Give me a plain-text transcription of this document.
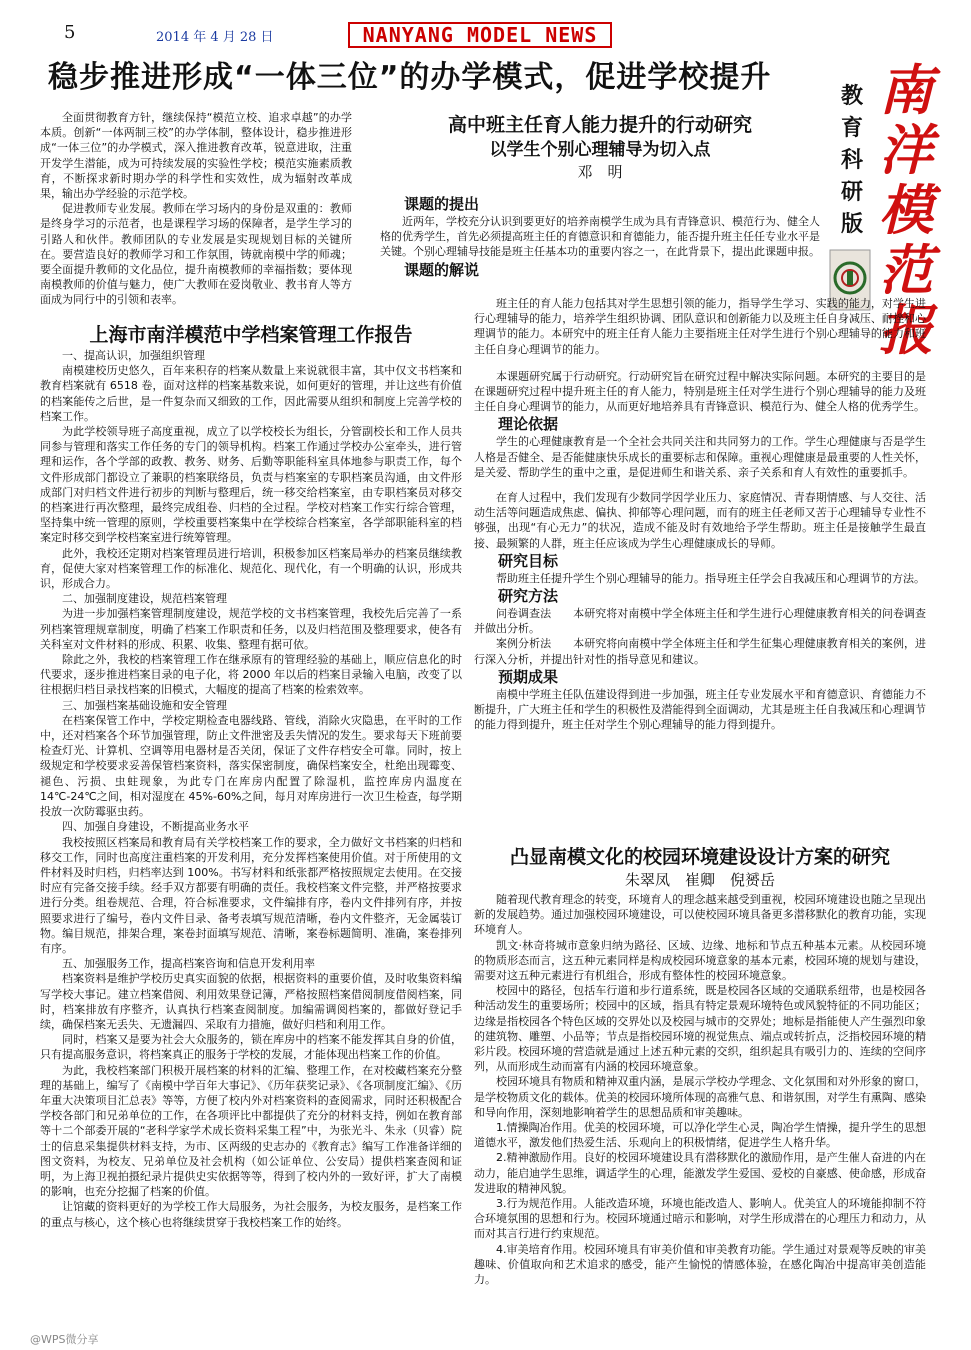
5	2014 年 4 月 28 日	NANYANG MODEL NEWS
稳步推进形成“一体三位”的办学模式，促进学校提升
教育科研版
南洋模范报

全面贯彻教育方针，继续保持“模范立校、追求卓越”的办学本质。创新“一体两制三校”的办学体制，整体设计，稳步推进形成“一体三位”的办学模式，深入推进教育改革，锐意进取，注重开发学生潜能，成为可持续发展的实验性学校；模范实施素质教育，不断探求新时期办学的科学性和实效性，成为辐射改革成果，输出办学经验的示范学校。

促进教师专业发展。教师在学习场内的身份是双重的：教师是终身学习的示范者，也是课程学习场的保障者，是学生学习的引路人和伙伴。教师团队的专业发展是实现规划目标的关键所在。要营造良好的教师学习和工作氛围，铸就南模中学的师魂；要全面提升教师的文化品位，提升南模教师的幸福指数；要体现南模教师的价值与魅力，使广大教师在爱岗敬业、教书育人等方面成为同行中的引领和表率。

高中班主任育人能力提升的行动研究
以学生个别心理辅导为切入点
邓　明
课题的提出

近两年，学校充分认识到要更好的培养南模学生成为具有青锋意识、模范行为、健全人格的优秀学生，首先必须提高班主任的育德意识和育德能力，能否提升班主任任专业水平是关键。个别心理辅导技能是班主任基本功的重要内容之一，在此背景下，提出此课题申报。

课题的解说

班主任的育人能力包括其对学生思想引领的能力，指导学生学习、实践的能力，对学生进行心理辅导的能力，培养学生组织协调、团队意识和创新能力以及班主任自身减压、耐挫和心理调节的能力。本研究中的班主任育人能力主要指班主任对学生进行个别心理辅导的能力和班主任自身心理调节的能力。

本课题研究属于行动研究。行动研究旨在研究过程中解决实际问题。本研究的主要目的是在课题研究过程中提升班主任的育人能力，特别是班主任对学生进行个别心理辅导的能力及班主任自身心理调节的能力，从而更好地培养具有青锋意识、模范行为、健全人格的优秀学生。

理论依据

学生的心理健康教育是一个全社会共同关注和共同努力的工作。学生心理健康与否是学生人格是否健全、是否能健康快乐成长的重要标志和保障。重视心理健康是最重要的人性关怀，是关爱、帮助学生的重中之重，是促进师生和谐关系、亲子关系和育人有效性的重要抓手。

在育人过程中，我们发现有少数同学因学业压力、家庭情况、青春期情感、与人交往、活动生活等问题造成焦虑、偏执、抑郁等心理问题，而有的班主任老师又苦于心理辅导专业性不够强，出现“有心无力”的状况，造成不能及时有效地给予学生帮助。班主任是接触学生最直接、最频繁的人群，班主任应该成为学生心理健康成长的导师。

研究目标

帮助班主任提升学生个别心理辅导的能力。指导班主任学会自我减压和心理调节的方法。

研究方法

问卷调查法　　本研究将对南模中学全体班主任和学生进行心理健康教育相关的问卷调查并做出分析。

案例分析法　　本研究将向南模中学全体班主任和学生征集心理健康教育相关的案例，进行深入分析，并提出针对性的指导意见和建议。

预期成果

南模中学班主任队伍建设得到进一步加强，班主任专业发展水平和育德意识、育德能力不断提升，广大班主任和学生的积极性及潜能得到全面调动，尤其是班主任自我减压和心理调节的能力得到提升，班主任对学生个别心理辅导的能力得到提升。

上海市南洋模范中学档案管理工作报告

一、提高认识，加强组织管理

南模建校历史悠久，百年来积存的档案从数量上来说就很丰富，其中仅文书档案和教育档案就有 6518 卷，面对这样的档案基数来说，如何更好的管理，并让这些有价值的档案能传之后世，是一件复杂而又细致的工作，因此需要从组织和制度上完善学校的档案工作。

为此学校领导班子高度重视，成立了以学校校长为组长，分管副校长和工作人员共同参与管理和落实工作任务的专门的领导机构。档案工作通过学校办公室牵头，进行管理和运作，各个学部的政教、教务、财务、后勤等职能科室具体地参与职责工作，每个文件形成部门都设立了兼职的档案联络员，负责与档案室的专职档案员沟通，由文件形成部门对归档文件进行初步的判断与整理后，统一移交给档案室，由专职档案员对移交的档案进行再次整理，最终完成组卷、归档的全过程。学校对档案工作实行综合管理，坚持集中统一管理的原则，学校重要档案集中在学校综合档案室，各学部职能科室的档案定时移交到学校档案室进行统筹管理。

此外，我校还定期对档案管理员进行培训，积极参加区档案局举办的档案员继续教育，促使大家对档案管理工作的标准化、规范化、现代化，有一个明确的认识，形成共识，形成合力。

二、加强制度建设，规范档案管理

为进一步加强档案管理制度建设，规范学校的文书档案管理，我校先后完善了一系列档案管理规章制度，明确了档案工作职责和任务，以及归档范围及整理要求，使各有关科室对文件材料的形成、积累、收集、整理有据可依。

除此之外，我校的档案管理工作在继承原有的管理经验的基础上，顺应信息化的时代要求，逐步推进档案目录的电子化，将 2000 年以后的档案目录输入电脑，改变了以往根据归档目录找档案的旧模式，大幅度的提高了档案的检索效率。

三、加强档案基础设施和安全管理

在档案保管工作中，学校定期检查电器线路、管线，消除火灾隐患，在平时的工作中，还对档案各个环节加强管理，防止文件泄密及丢失情况的发生。要求每天下班前要检查灯光、计算机、空调等用电器材是否关闭，保证了文件存档安全可靠。同时，按上级规定和学校要求妥善保管档案资料，落实保密制度，确保档案安全，杜绝出现霉变、褪色、污损、虫蛀现象，为此专门在库房内配置了除湿机，监控库房内温度在 14℃-24℃之间，相对湿度在 45%-60%之间，每月对库房进行一次卫生检查，每学期投放一次防霉驱虫药。

四、加强自身建设，不断提高业务水平

我校按照区档案局和教育局有关学校档案工作的要求，全力做好文书档案的归档和移交工作，同时也高度注重档案的开发利用，充分发挥档案使用价值。对于所使用的文件材料及时归档，归档率达到 100%。书写材料和纸张都严格按照规定去使用。在交接时应有完备交接手续。经手双方都要有明确的责任。我校档案文件完整，并严格按要求进行分类。组卷规范、合理，符合标准要求，文件编排有序，卷内文件排列有序，并按照要求进行了编号，卷内文件目录、备考表填写规范清晰，卷内文件整齐，无金属装订物。编目规范，排架合理，案卷封面填写规范、清晰，案卷标题简明、准确，案卷排列有序。

五、加强服务工作，提高档案咨询和信息开发利用率

档案资料是维护学校历史真实面貌的依据，根据资料的重要价值，及时收集资料编写学校大事记。建立档案借阅、利用效果登记簿，严格按照档案借阅制度借阅档案，同时，档案排放有序整齐，认真执行档案查阅制度。加编需调阅档案的，都做好登记手续，确保档案无丢失、无遗漏四、采取有力措施，做好归档和利用工作。

同时，档案又是要为社会大众服务的，锁在库房中的档案不能发挥其自身的价值，只有提高服务意识，将档案真正的服务于学校的发展，才能体现出档案工作的价值。

为此，我校档案部门积极开展档案的材料的汇编、整理工作，在对校藏档案充分整理的基础上，编写了《南模中学百年大事记》、《历年获奖记录》、《各项制度汇编》、《历年重大决策项目汇总表》等等，方便了校内外对档案资料的查阅需求，同时还积极配合学校各部门和兄弟单位的工作，在各项评比中都提供了充分的材料支持，例如在教育部等十二个部委开展的“老科学家学术成长资料采集工程”中，为张光斗、朱永（贝睿）院士的信息采集提供材料支持，为市、区两级的史志办的《教育志》编写工作准备详细的图文资料，为校友、兄弟单位及社会机构（如公证单位、公安局）提供档案查阅和证明，为上海卫视拍摄纪录片提供史实依据等等，得到了校内外的一致好评，扩大了南模的影响，也充分挖掘了档案的价值。

让馆藏的资料更好的为学校工作大局服务，为社会服务，为校友服务，是档案工作的重点与核心，这个核心也将继续贯穿于我校档案工作的始终。

凸显南模文化的校园环境建设设计方案的研究
朱翠凤　崔卿　倪赟岳

随着现代教育理念的转变，环境育人的理念越来越受到重视，校园环境建设也随之呈现出新的发展趋势。通过加强校园环境建设，可以使校园环境具备更多潜移默化的教育功能，实现环境育人。

凯文·林奇将城市意象归纳为路径、区域、边缘、地标和节点五种基本元素。从校园环境的物质形态而言，这五种元素同样是构成校园环境意象的基本元素，校园环境的规划与建设，需要对这五种元素进行有机组合，形成有整体性的校园环境意象。

校园中的路径，包括车行道和步行道系统，既是校园各区域的交通联系纽带，也是校园各种活动发生的重要场所；校园中的区域，指具有特定景观环境特色或风貌特征的不同功能区；边缘是指校园各个特色区域的交界处以及校园与城市的交界处；地标是指能使人产生强烈印象的建筑物、雕塑、小品等；节点是指校园环境的视觉焦点、端点或转折点，泛指校园环境的精彩片段。校园环境的营造就是通过上述五种元素的交织，组织起具有吸引力的、连续的空间序列，从而形成生动而富有内涵的校园环境意象。

校园环境具有物质和精神双重内涵，是展示学校办学理念、文化氛围和对外形象的窗口，是学校物质文化的载体。优美的校园环境所体现的高雅气息、和谐氛围，对学生有熏陶、感染和导向作用，深刻地影响着学生的思想品质和审美趣味。

1.情操陶冶作用。优美的校园环境，可以净化学生心灵，陶冶学生情操，提升学生的思想道德水平，激发他们热爱生活、乐观向上的积极情绪，促进学生人格升华。

2.精神激励作用。良好的校园环境建设具有潜移默化的激励作用，是产生催人奋进的内在动力，能启迪学生思维，调适学生的心理，能激发学生爱国、爱校的自豪感、使命感，形成奋发进取的精神风貌。

3.行为规范作用。人能改造环境，环境也能改造人、影响人。优美宜人的环境能抑制不符合环境氛围的思想和行为。校园环境通过暗示和影响，对学生形成潜在的心理压力和动力，从而对其言行进行约束规范。

4.审美培育作用。校园环境具有审美价值和审美教育功能。学生通过对景观等反映的审美趣味、价值取向和艺术追求的感受，能产生愉悦的情感体验，在感化陶冶中提高审美创造能力。

@WPS微分享
